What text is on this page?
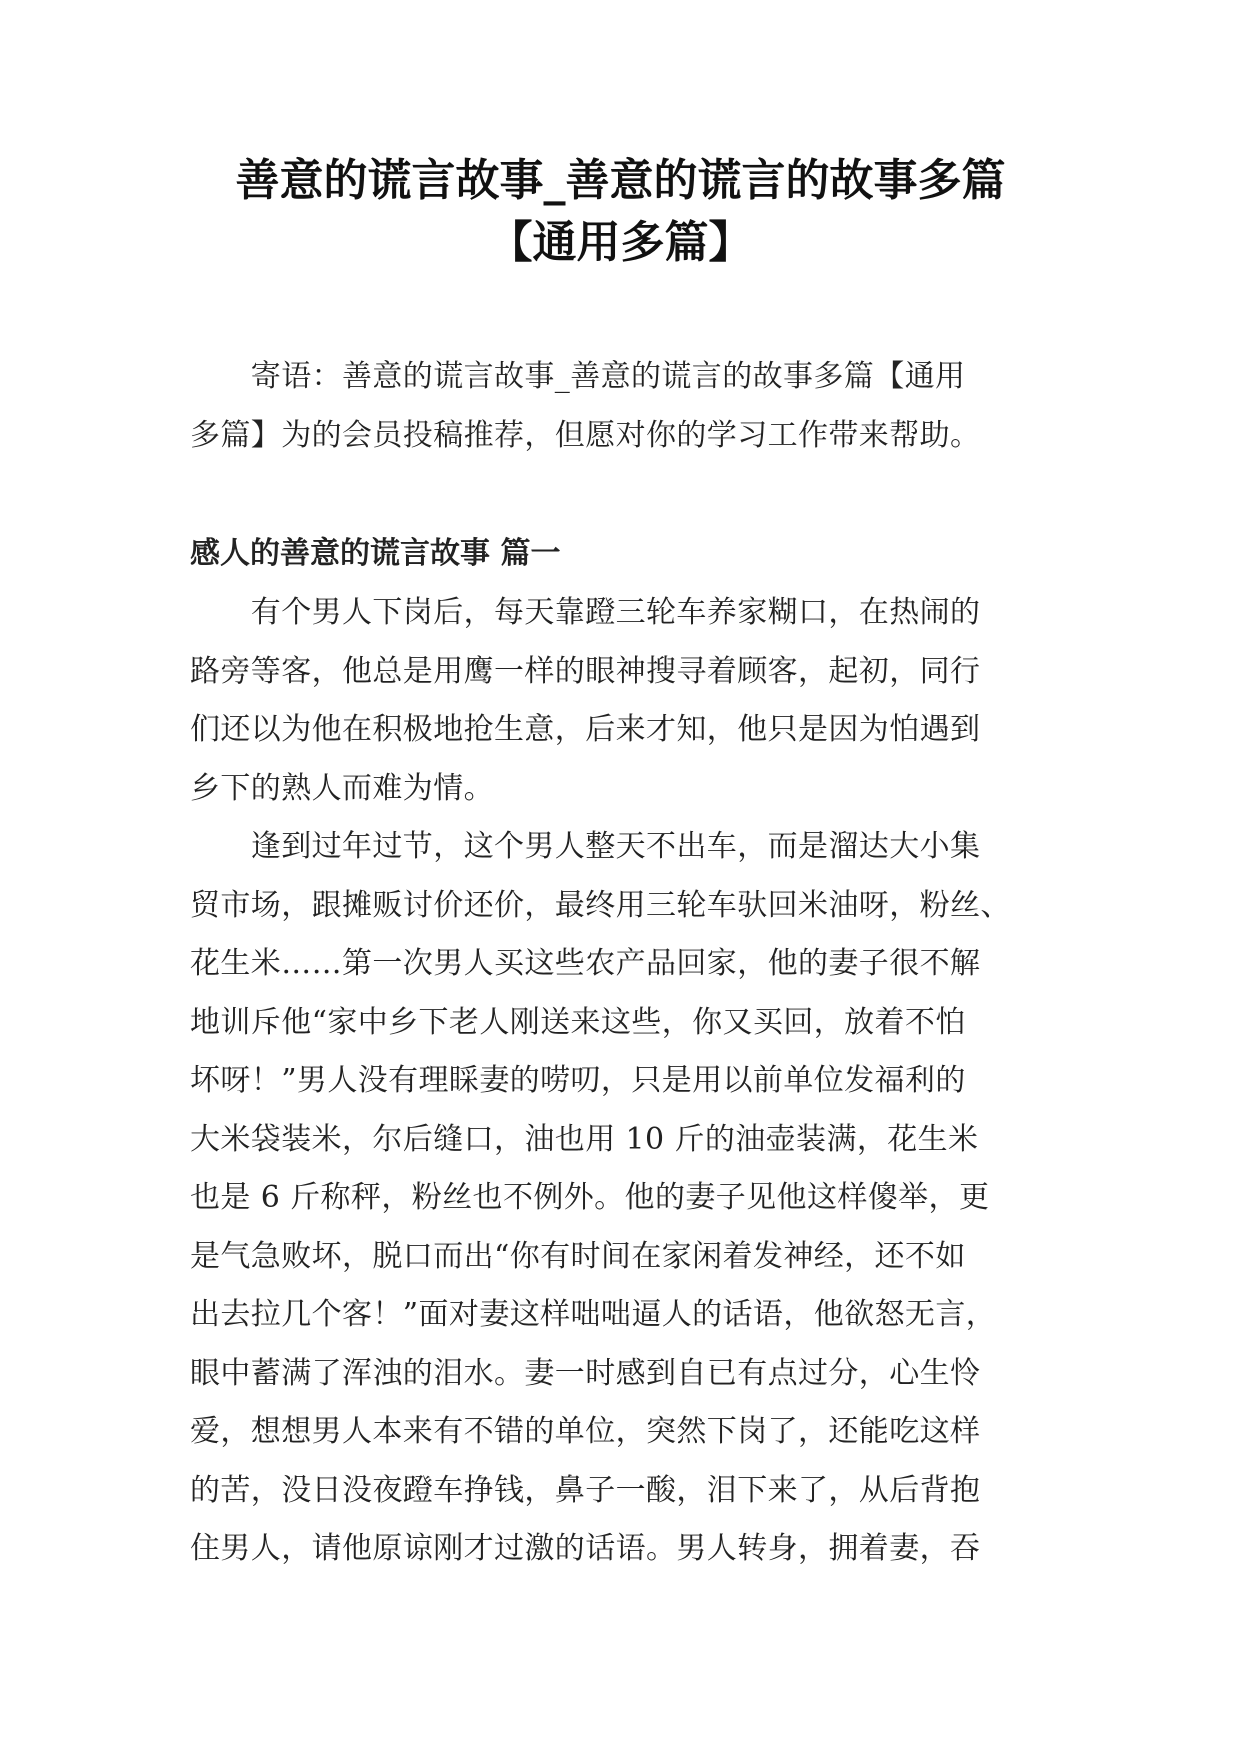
善意的谎言故事_善意的谎言的故事多篇
【通用多篇】
　　寄语：善意的谎言故事_善意的谎言的故事多篇【通用
多篇】为的会员投稿推荐，但愿对你的学习工作带来帮助。
感人的善意的谎言故事 篇一
　　有个男人下岗后，每天靠蹬三轮车养家糊口，在热闹的
路旁等客，他总是用鹰一样的眼神搜寻着顾客，起初，同行
们还以为他在积极地抢生意，后来才知，他只是因为怕遇到
乡下的熟人而难为情。
　　逢到过年过节，这个男人整天不出车，而是溜达大小集
贸市场，跟摊贩讨价还价，最终用三轮车驮回米油呀，粉丝、
花生米……第一次男人买这些农产品回家，他的妻子很不解
地训斥他“家中乡下老人刚送来这些，你又买回，放着不怕
坏呀！”男人没有理睬妻的唠叨，只是用以前单位发福利的
大米袋装米，尔后缝口，油也用 10 斤的油壶装满，花生米
也是 6 斤称秤，粉丝也不例外。他的妻子见他这样傻举，更
是气急败坏，脱口而出“你有时间在家闲着发神经，还不如
出去拉几个客！”面对妻这样咄咄逼人的话语，他欲怒无言，
眼中蓄满了浑浊的泪水。妻一时感到自已有点过分，心生怜
爱，想想男人本来有不错的单位，突然下岗了，还能吃这样
的苦，没日没夜蹬车挣钱，鼻子一酸，泪下来了，从后背抱
住男人，请他原谅刚才过激的话语。男人转身，拥着妻，吞
